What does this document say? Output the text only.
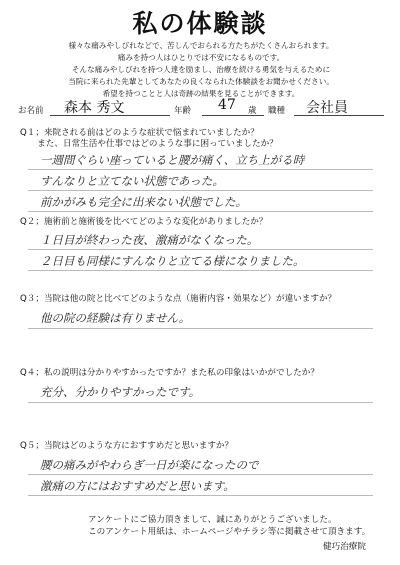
私の体験談
様々な痛みやしびれなどで、苦しんでおられる方たちがたくさんおられます。
痛みを持つ人はひとりでは不安になるものです。
そんな痛みやしびれを持つ人達を励まし、治療を続ける勇気を与えるために
当院に来られた先輩としてあなたの良くなられた体験談をお聞かせください。
希望を持つことと人は奇跡の結果を見ることができます。
お名前 森本 秀文	年齢 47 歳 職種 会社員
Q１；来院される前はどのような症状で悩まれていましたか？
　　また、日常生活や仕事ではどのような事に困っていましたか？
一週間ぐらい座っていると腰が痛く、立ち上がる時
すんなりと立てない状態であった。
前かがみも完全に出来ない状態でした。
Q２；施術前と施術後を比べてどのような変化がありましたか？
１日目が終わった夜、激痛がなくなった。
２日目も同様にすんなりと立てる様になりました。
Q３；当院は他の院と比べてどのような点（施術内容・効果など）が違いますか？
他の院の経験は有りません。
Q４；私の説明は分かりやすかったですか？また私の印象はいかがでしたか？
充分、分かりやすかったです。
Q５；当院はどのような方におすすめだと思いますか？
腰の痛みがやわらぎ一日が楽になったので
激痛の方にはおすすめだと思います。
アンケートにご協力頂きまして、誠にありがとうございました。
このアンケート用紙は、ホームページやチラシ等に掲載させて頂きます。
健巧治療院
